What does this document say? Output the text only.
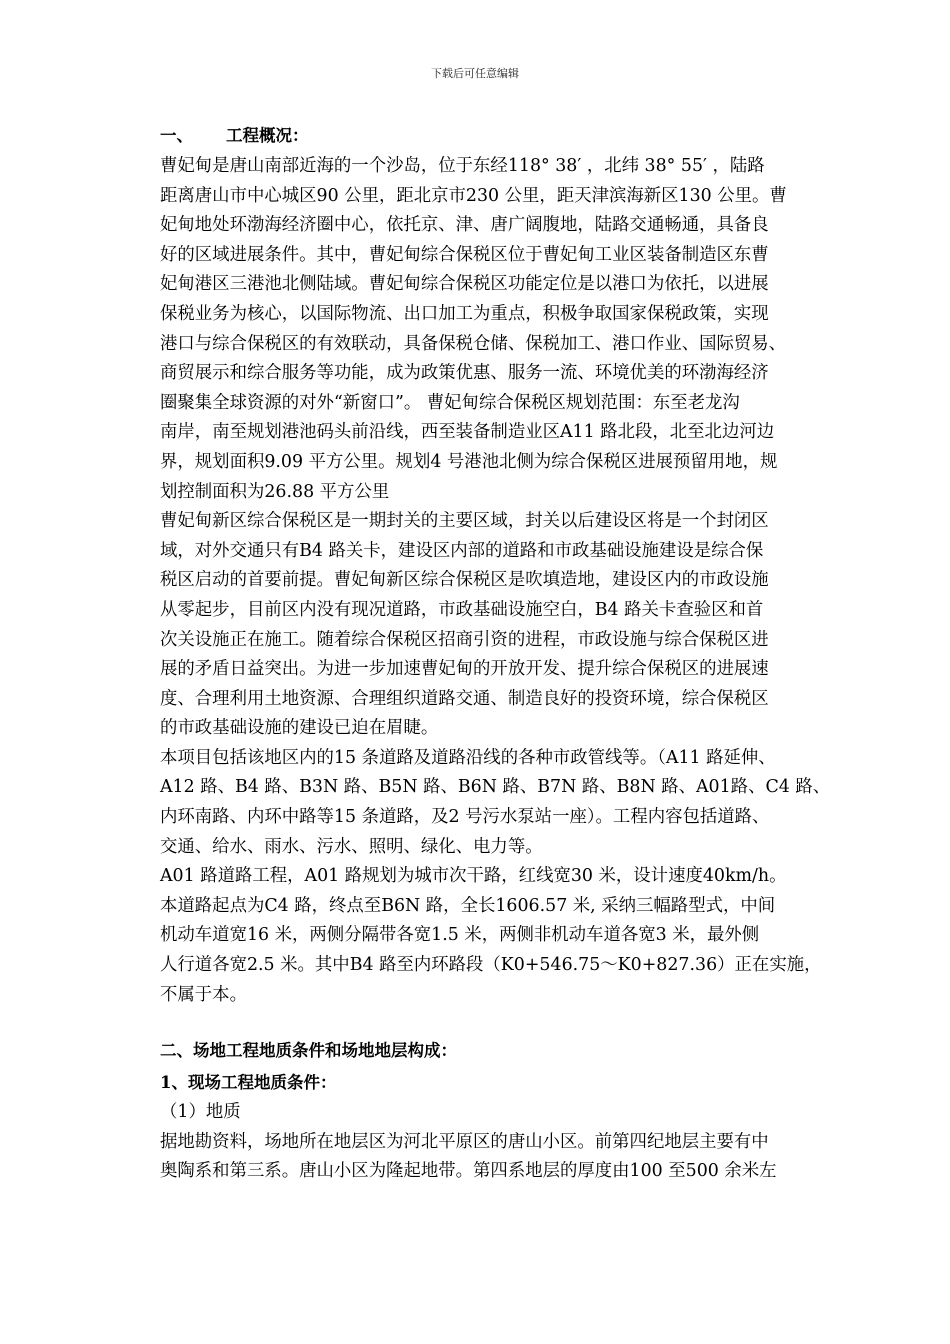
下载后可任意编辑
一、 工程概况：

曹妃甸是唐山南部近海的一个沙岛，位于东经118° 38′ ，北纬 38° 55′ ，陆路

距离唐山市中心城区90 公里，距北京市230 公里，距天津滨海新区130 公里。曹

妃甸地处环渤海经济圈中心，依托京、津、唐广阔腹地，陆路交通畅通，具备良

好的区域进展条件。其中，曹妃甸综合保税区位于曹妃甸工业区装备制造区东曹

妃甸港区三港池北侧陆域。曹妃甸综合保税区功能定位是以港口为依托，以进展

保税业务为核心，以国际物流、出口加工为重点，积极争取国家保税政策，实现

港口与综合保税区的有效联动，具备保税仓储、保税加工、港口作业、国际贸易、

商贸展示和综合服务等功能，成为政策优惠、服务一流、环境优美的环渤海经济

圈聚集全球资源的对外“新窗口”。 曹妃甸综合保税区规划范围：东至老龙沟

南岸，南至规划港池码头前沿线，西至装备制造业区A11 路北段，北至北边河边

界，规划面积9.09 平方公里。规划4 号港池北侧为综合保税区进展预留用地，规

划控制面积为26.88 平方公里

曹妃甸新区综合保税区是一期封关的主要区域，封关以后建设区将是一个封闭区

域，对外交通只有B4 路关卡，建设区内部的道路和市政基础设施建设是综合保

税区启动的首要前提。曹妃甸新区综合保税区是吹填造地，建设区内的市政设施

从零起步，目前区内没有现况道路，市政基础设施空白，B4 路关卡查验区和首

次关设施正在施工。随着综合保税区招商引资的进程，市政设施与综合保税区进

展的矛盾日益突出。为进一步加速曹妃甸的开放开发、提升综合保税区的进展速

度、合理利用土地资源、合理组织道路交通、制造良好的投资环境，综合保税区

的市政基础设施的建设已迫在眉睫。

本项目包括该地区内的15 条道路及道路沿线的各种市政管线等。（A11 路延伸、

A12 路、B4 路、B3N 路、B5N 路、B6N 路、B7N 路、B8N 路、A01路、C4 路、

内环南路、内环中路等15 条道路，及2 号污水泵站一座）。工程内容包括道路、

交通、给水、雨水、污水、照明、绿化、电力等。

A01 路道路工程，A01 路规划为城市次干路，红线宽30 米，设计速度40km/h。

本道路起点为C4 路，终点至B6N 路，全长1606.57 米, 采纳三幅路型式，中间

机动车道宽16 米，两侧分隔带各宽1.5 米，两侧非机动车道各宽3 米，最外侧

人行道各宽2.5 米。其中B4 路至内环路段（K0+546.75～K0+827.36）正在实施，

不属于本。

二、场地工程地质条件和场地地层构成：
1、现场工程地质条件：

（1）地质

据地勘资料，场地所在地层区为河北平原区的唐山小区。前第四纪地层主要有中

奥陶系和第三系。唐山小区为隆起地带。第四系地层的厚度由100 至500 余米左
